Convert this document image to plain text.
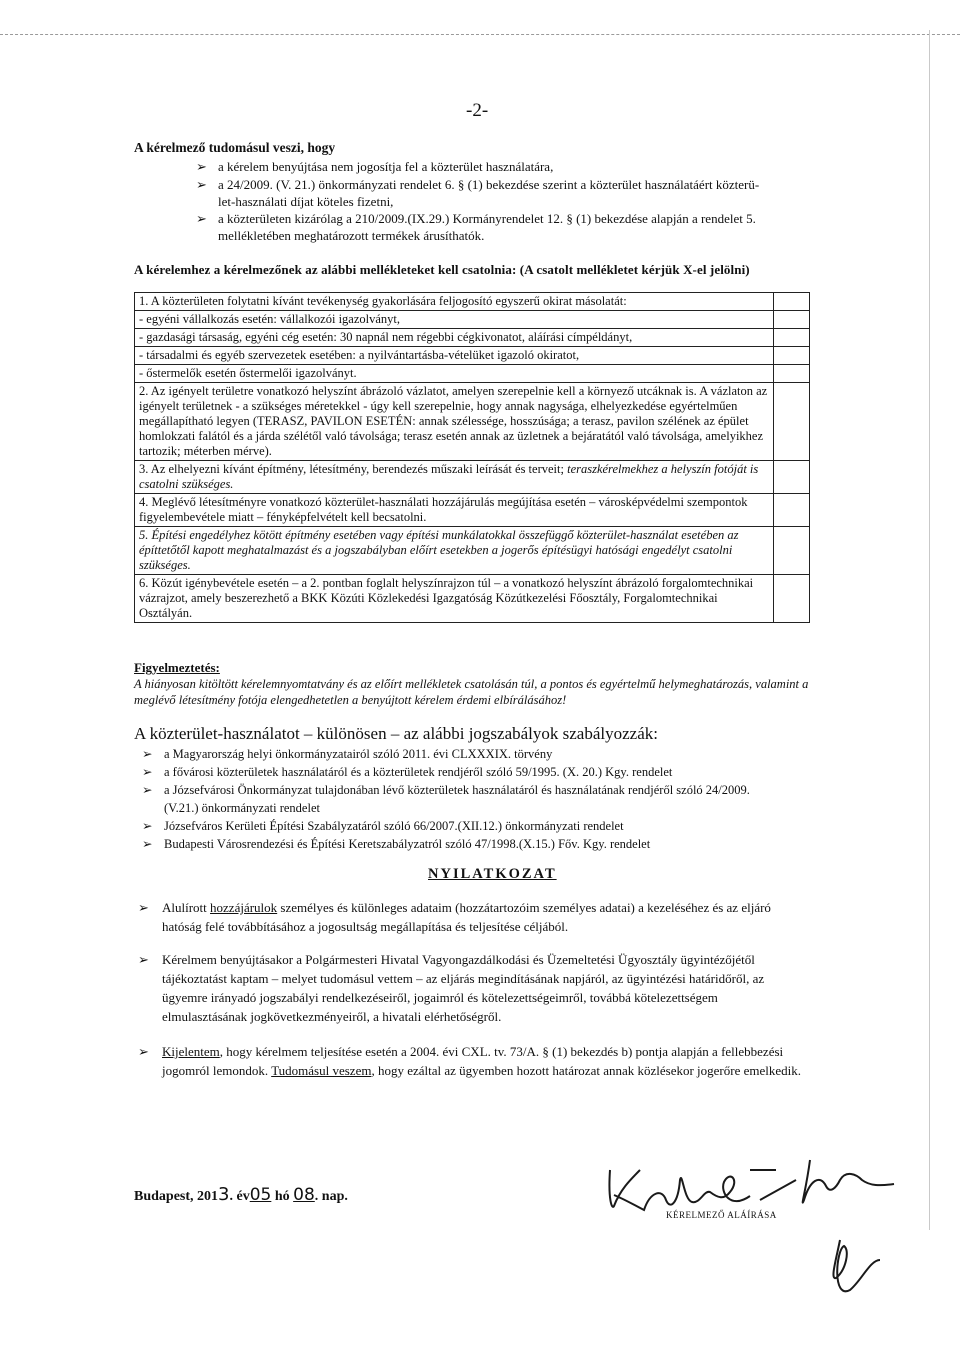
-2-
A kérelmező tudomásul veszi, hogy
➢ a kérelem benyújtása nem jogosítja fel a közterület használatára,
➢ a 24/2009. (V. 21.) önkormányzati rendelet 6. § (1) bekezdése szerint a közterület használatáért közterü-
let-használati díjat köteles fizetni,
➢ a közterületen kizárólag a 210/2009.(IX.29.) Kormányrendelet 12. § (1) bekezdése alapján a rendelet 5.
mellékletében meghatározott termékek árusíthatók.
A kérelemhez a kérelmezőnek az alábbi mellékleteket kell csatolnia: (A csatolt mellékletet kérjük X-el jelölni)
1. A közterületen folytatni kívánt tevékenység gyakorlására feljogosító egyszerű okirat másolatát:	
- egyéni vállalkozás esetén: vállalkozói igazolványt,	
- gazdasági társaság, egyéni cég esetén: 30 napnál nem régebbi cégkivonatot, aláírási címpéldányt,	
- társadalmi és egyéb szervezetek esetében: a nyilvántartásba-vételüket igazoló okiratot,	
- őstermelők esetén őstermelői igazolványt.	
2. Az igényelt területre vonatkozó helyszínt ábrázoló vázlatot, amelyen szerepelnie kell a környező utcáknak is. A vázlaton az igényelt területnek - a szükséges méretekkel - úgy kell szerepelnie, hogy annak nagysága, elhelyezkedése egyértelműen megállapítható legyen (TERASZ, PAVILON ESETÉN: annak szélessége, hosszúsága; a terasz, pavilon szélének az épület homlokzati falától és a járda szélétől való távolsága; terasz esetén annak az üzletnek a bejáratától való távolsága, amelyikhez tartozik; méterben mérve).	
3. Az elhelyezni kívánt építmény, létesítmény, berendezés műszaki leírását és terveit; teraszkérelmekhez a helyszín fotóját is csatolni szükséges.	
4. Meglévő létesítményre vonatkozó közterület-használati hozzájárulás megújítása esetén – városképvédelmi szempontok figyelembevétele miatt – fényképfelvételt kell becsatolni.	
5. Építési engedélyhez kötött építmény esetében vagy építési munkálatokkal összefüggő közterület-használat esetében az építtetőtől kapott meghatalmazást és a jogszabályban előírt esetekben a jogerős építésügyi hatósági engedélyt csatolni szükséges.	
6. Közút igénybevétele esetén – a 2. pontban foglalt helyszínrajzon túl – a vonatkozó helyszínt ábrázoló forgalomtechnikai vázrajzot, amely beszerezhető a BKK Közúti Közlekedési Igazgatóság Közútkezelési Főosztály, Forgalomtechnikai Osztályán.	
Figyelmeztetés:
A hiányosan kitöltött kérelemnyomtatvány és az előírt mellékletek csatolásán túl, a pontos és egyértelmű helymeghatározás, valamint a meglévő létesítmény fotója elengedhetetlen a benyújtott kérelem érdemi elbírálásához!
A közterület-használatot – különösen – az alábbi jogszabályok szabályozzák:
➢ a Magyarország helyi önkormányzatairól szóló 2011. évi CLXXXIX. törvény
➢ a fővárosi közterületek használatáról és a közterületek rendjéről szóló 59/1995. (X. 20.) Kgy. rendelet
➢ a Józsefvárosi Önkormányzat tulajdonában lévő közterületek használatáról és használatának rendjéről szóló 24/2009.
(V.21.) önkormányzati rendelet
➢ Józsefváros Kerületi Építési Szabályzatáról szóló 66/2007.(XII.12.) önkormányzati rendelet
➢ Budapesti Városrendezési és Építési Keretszabályzatról szóló 47/1998.(X.15.) Főv. Kgy. rendelet
NYILATKOZAT
➢ Alulírott hozzájárulok személyes és különleges adataim (hozzátartozóim személyes adatai) a kezeléséhez és az eljáró hatóság felé továbbításához a jogosultság megállapítása és teljesítése céljából.
➢ Kérelmem benyújtásakor a Polgármesteri Hivatal Vagyongazdálkodási és Üzemeltetési Ügyosztály ügyintézőjétől tájékoztatást kaptam – melyet tudomásul vettem – az eljárás megindításának napjáról, az ügyintézési határidőről, az ügyemre irányadó jogszabályi rendelkezéseiről, jogaimról és kötelezettségeimről, továbbá kötelezettségem elmulasztásának jogkövetkezményeiről, a hivatali elérhetőségről.
➢ Kijelentem, hogy kérelmem teljesítése esetén a 2004. évi CXL. tv. 73/A. § (1) bekezdés b) pontja alapján a fellebbezési jogomról lemondok. Tudomásul veszem, hogy ezáltal az ügyemben hozott határozat annak közlésekor jogerőre emelkedik.
Budapest, 2013. év05 hó 08. nap.
KÉRELMEZŐ ALÁÍRÁSA
